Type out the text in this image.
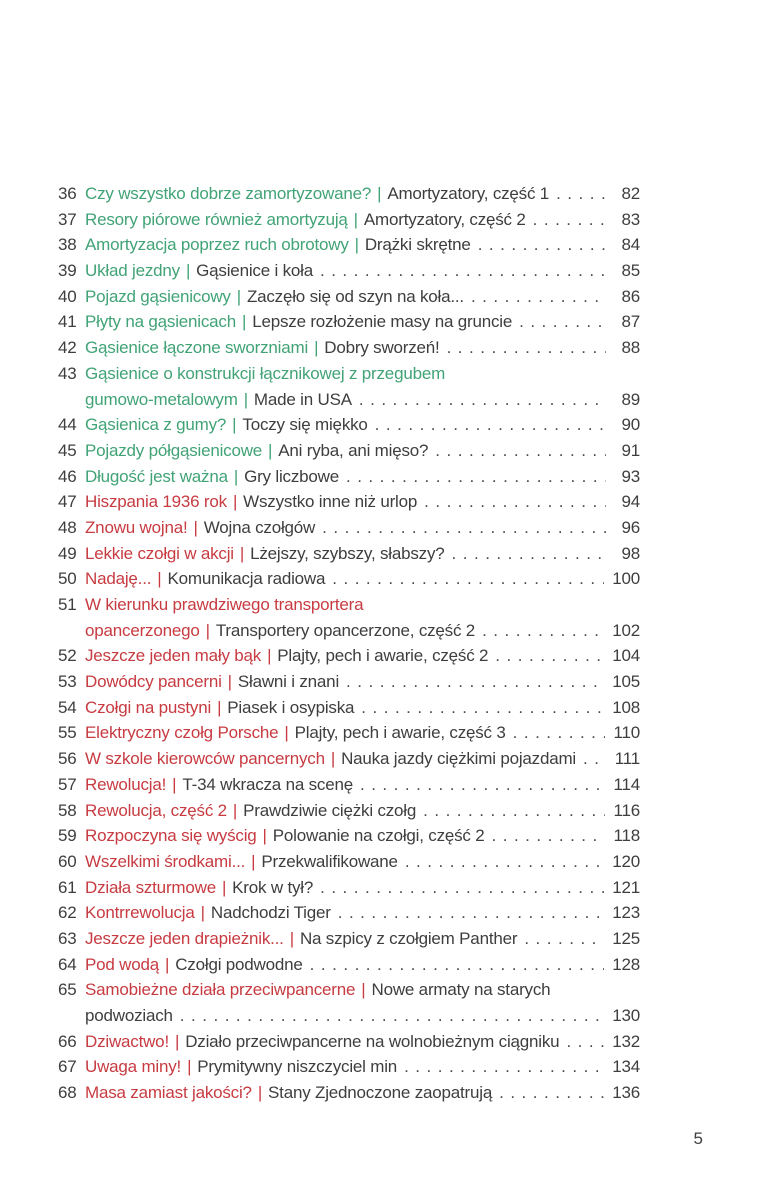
36 Czy wszystko dobrze zamortyzowane? | Amortyzatory, część 1 .....	82
37 Resory piórowe również amortyzują | Amortyzatory, część 2 .....	83
38 Amortyzacja poprzez ruch obrotowy | Drążki skrętne .....	84
39 Układ jezdny | Gąsienice i koła .....	85
40 Pojazd gąsienicowy | Zaczęło się od szyn na koła... .....	86
41 Płyty na gąsienicach | Lepsze rozłożenie masy na gruncie .....	87
42 Gąsienice łączone sworzniami | Dobry sworzeń! .....	88
43 Gąsienice o konstrukcji łącznikowej z przegubem
gumowo-metalowym | Made in USA .....	89
44 Gąsienica z gumy? | Toczy się miękko .....	90
45 Pojazdy półgąsienicowe | Ani ryba, ani mięso? .....	91
46 Długość jest ważna | Gry liczbowe .....	93
47 Hiszpania 1936 rok | Wszystko inne niż urlop .....	94
48 Znowu wojna! | Wojna czołgów .....	96
49 Lekkie czołgi w akcji | Lżejszy, szybszy, słabszy? .....	98
50 Nadaję... | Komunikacja radiowa .....	100
51 W kierunku prawdziwego transportera
opancerzonego | Transportery opancerzone, część 2 .....	102
52 Jeszcze jeden mały bąk | Plajty, pech i awarie, część 2 .....	104
53 Dowódcy pancerni | Sławni i znani .....	105
54 Czołgi na pustyni | Piasek i osypiska .....	108
55 Elektryczny czołg Porsche | Plajty, pech i awarie, część 3 .....	110
56 W szkole kierowców pancernych | Nauka jazdy ciężkimi pojazdami ..... 111
57 Rewolucja! | T-34 wkracza na scenę .....	114
58 Rewolucja, część 2 | Prawdziwie ciężki czołg .....	116
59 Rozpoczyna się wyścig | Polowanie na czołgi, część 2 .....	118
60 Wszelkimi środkami... | Przekwalifikowane .....	120
61 Działa szturmowe | Krok w tył? .....	121
62 Kontrrewolucja | Nadchodzi Tiger .....	123
63 Jeszcze jeden drapieżnik... | Na szpicy z czołgiem Panther .....	125
64 Pod wodą | Czołgi podwodne .....	128
65 Samobieżne działa przeciwpancerne | Nowe armaty na starych
podwoziach .....	130
66 Dziwactwo! | Działo przeciwpancerne na wolnobieżnym ciągniku .....	132
67 Uwaga miny! | Prymitywny niszczyciel min .....	134
68 Masa zamiast jakości? | Stany Zjednoczone zaopatrują .....	136
5
